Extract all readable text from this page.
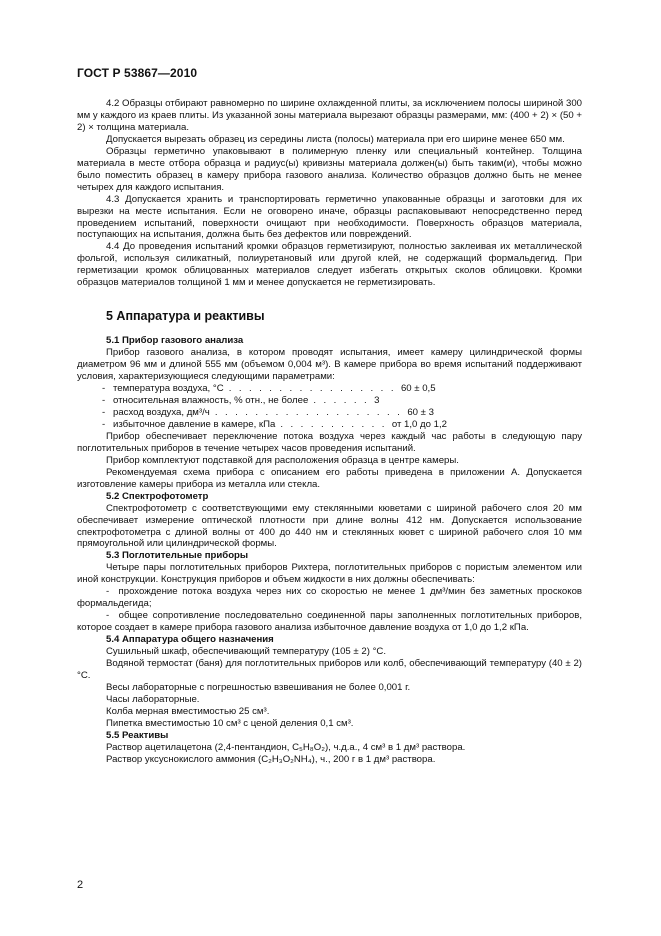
ГОСТ Р 53867—2010

4.2 Образцы отбирают равномерно по ширине охлажденной плиты, за исключением полосы шириной 300 мм у каждого из краев плиты. Из указанной зоны материала вырезают образцы размерами, мм: (400 + 2) × (50 + 2) × толщина материала.

Допускается вырезать образец из середины листа (полосы) материала при его ширине менее 650 мм.

Образцы герметично упаковывают в полимерную пленку или специальный контейнер. Толщина материала в месте отбора образца и радиус(ы) кривизны материала должен(ы) быть таким(и), чтобы можно было поместить образец в камеру прибора газового анализа. Количество образцов должно быть не менее четырех для каждого испытания.

4.3 Допускается хранить и транспортировать герметично упакованные образцы и заготовки для их вырезки на месте испытания. Если не оговорено иначе, образцы распаковывают непосредственно перед проведением испытаний, поверхности очищают при необходимости. Поверхность образцов материала, поступающих на испытания, должна быть без дефектов или повреждений.

4.4 До проведения испытаний кромки образцов герметизируют, полностью заклеивая их металлической фольгой, используя силикатный, полиуретановый или другой клей, не содержащий формальдегид. При герметизации кромок облицованных материалов следует избегать открытых сколов облицовки. Кромки образцов материалов толщиной 1 мм и менее допускается не герметизировать.

5 Аппаратура и реактивы
5.1 Прибор газового анализа

Прибор газового анализа, в котором проводят испытания, имеет камеру цилиндрической формы диаметром 96 мм и длиной 555 мм (объемом 0,004 м³). В камере прибора во время испытаний поддерживают условия, характеризующиеся следующими параметрами:

- температура воздуха, °С . . . . . . . . . . . . . . . . . 60 ± 0,5
- относительная влажность, % отн., не более . . . . . . 3
- расход воздуха, дм³/ч . . . . . . . . . . . . . . . . . . . 60 ± 3
- избыточное давление в камере, кПа . . . . . . . . . . . от 1,0 до 1,2

Прибор обеспечивает переключение потока воздуха через каждый час работы в следующую пару поглотительных приборов в течение четырех часов проведения испытаний.

Прибор комплектуют подставкой для расположения образца в центре камеры.

Рекомендуемая схема прибора с описанием его работы приведена в приложении А. Допускается изготовление камеры прибора из металла или стекла.

5.2 Спектрофотометр

Спектрофотометр с соответствующими ему стеклянными кюветами с шириной рабочего слоя 20 мм обеспечивает измерение оптической плотности при длине волны 412 нм. Допускается использование спектрофотометра с длиной волны от 400 до 440 нм и стеклянных кювет с шириной рабочего слоя 10 мм прямоугольной или цилиндрической формы.

5.3 Поглотительные приборы

Четыре пары поглотительных приборов Рихтера, поглотительных приборов с пористым элементом или иной конструкции. Конструкция приборов и объем жидкости в них должны обеспечивать:

-  прохождение потока воздуха через них со скоростью не менее 1 дм³/мин без заметных проскоков формальдегида;

-  общее сопротивление последовательно соединенной пары заполненных поглотительных приборов, которое создает в камере прибора газового анализа избыточное давление воздуха от 1,0 до 1,2 кПа.

5.4 Аппаратура общего назначения

Сушильный шкаф, обеспечивающий температуру (105 ± 2) °С.

Водяной термостат (баня) для поглотительных приборов или колб, обеспечивающий температуру (40 ± 2) °С.

Весы лабораторные с погрешностью взвешивания не более 0,001 г.

Часы лабораторные.

Колба мерная вместимостью 25 см³.

Пипетка вместимостью 10 см³ с ценой деления 0,1 см³.

5.5 Реактивы

Раствор ацетилацетона (2,4-пентандион, C₅H₈O₂), ч.д.а., 4 см³ в 1 дм³ раствора.

Раствор уксуснокислого аммония (C₂H₃O₂NH₄), ч., 200 г в 1 дм³ раствора.

2
